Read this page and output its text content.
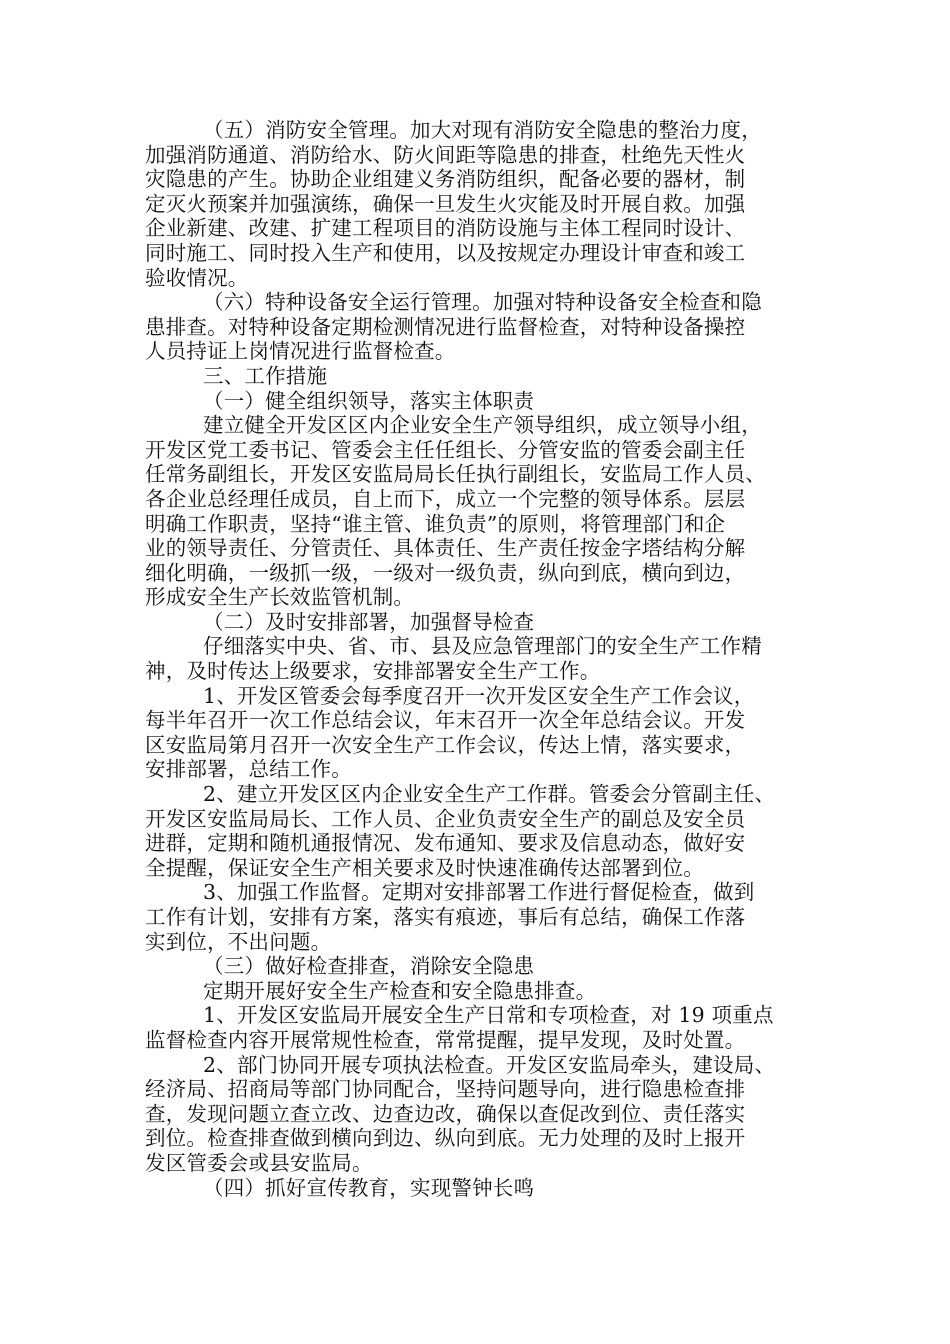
（五）消防安全管理。加大对现有消防安全隐患的整治力度，
加强消防通道、消防给水、防火间距等隐患的排查，杜绝先天性火
灾隐患的产生。协助企业组建义务消防组织，配备必要的器材，制
定灭火预案并加强演练，确保一旦发生火灾能及时开展自救。加强
企业新建、改建、扩建工程项目的消防设施与主体工程同时设计、
同时施工、同时投入生产和使用，以及按规定办理设计审查和竣工
验收情况。
（六）特种设备安全运行管理。加强对特种设备安全检查和隐
患排查。对特种设备定期检测情况进行监督检查，对特种设备操控
人员持证上岗情况进行监督检查。
三、工作措施
（一）健全组织领导，落实主体职责
建立健全开发区区内企业安全生产领导组织，成立领导小组，
开发区党工委书记、管委会主任任组长、分管安监的管委会副主任
任常务副组长，开发区安监局局长任执行副组长，安监局工作人员、
各企业总经理任成员，自上而下，成立一个完整的领导体系。层层
明确工作职责，坚持“谁主管、谁负责”的原则，将管理部门和企
业的领导责任、分管责任、具体责任、生产责任按金字塔结构分解
细化明确，一级抓一级，一级对一级负责，纵向到底，横向到边，
形成安全生产长效监管机制。
（二）及时安排部署，加强督导检查
仔细落实中央、省、市、县及应急管理部门的安全生产工作精
神，及时传达上级要求，安排部署安全生产工作。
1、开发区管委会每季度召开一次开发区安全生产工作会议，
每半年召开一次工作总结会议，年末召开一次全年总结会议。开发
区安监局第月召开一次安全生产工作会议，传达上情，落实要求，
安排部署，总结工作。
2、建立开发区区内企业安全生产工作群。管委会分管副主任、
开发区安监局局长、工作人员、企业负责安全生产的副总及安全员
进群，定期和随机通报情况、发布通知、要求及信息动态，做好安
全提醒，保证安全生产相关要求及时快速准确传达部署到位。
3、加强工作监督。定期对安排部署工作进行督促检查，做到
工作有计划，安排有方案，落实有痕迹，事后有总结，确保工作落
实到位，不出问题。
（三）做好检查排查，消除安全隐患
定期开展好安全生产检查和安全隐患排查。
1、开发区安监局开展安全生产日常和专项检查，对 19 项重点
监督检查内容开展常规性检查，常常提醒，提早发现，及时处置。
2、部门协同开展专项执法检查。开发区安监局牵头，建设局、
经济局、招商局等部门协同配合，坚持问题导向，进行隐患检查排
查，发现问题立查立改、边查边改，确保以查促改到位、责任落实
到位。检查排查做到横向到边、纵向到底。无力处理的及时上报开
发区管委会或县安监局。
（四）抓好宣传教育，实现警钟长鸣
